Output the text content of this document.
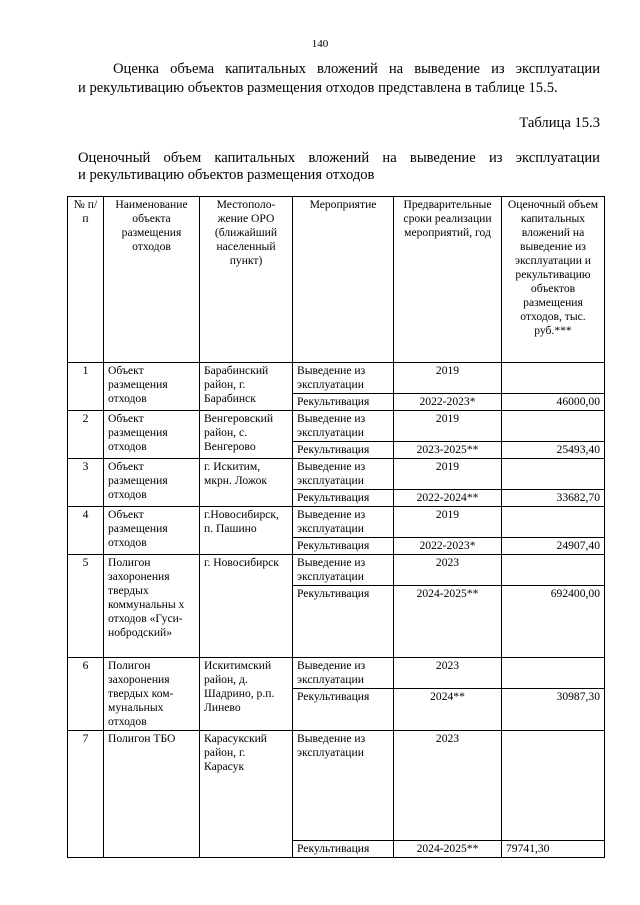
140
Оценка объема капитальных вложений на выведение из эксплуатации
и рекультивацию объектов размещения отходов представлена в таблице 15.5.
Таблица 15.3
Оценочный объем капитальных вложений на выведение из эксплуатации
и рекультивацию объектов размещения отходов
№ п/п	Наименование объекта размещения отходов	Местополо-жение ОРО (ближайший населенный пункт)	Мероприятие	Предварительные сроки реализации мероприятий, год	Оценочный объем капитальных вложений на выведение из эксплуатации и рекультивацию объектов размещения отходов, тыс. руб.***
1	Объект размещения отходов	Барабинский район, г. Барабинск	Выведение из эксплуатации	2019	
			Рекультивация	2022-2023*	46000,00
2	Объект размещения отходов	Венгеровский район, с. Венгерово	Выведение из эксплуатации	2019	
			Рекультивация	2023-2025**	25493,40
3	Объект размещения отходов	г. Искитим, мкрн. Ложок	Выведение из эксплуатации	2019	
			Рекультивация	2022-2024**	33682,70
4	Объект размещения отходов	г.Новосибирск, п. Пашино	Выведение из эксплуатации	2019	
			Рекультивация	2022-2023*	24907,40
5	Полигон захоронения твердых коммунальны х отходов «Гуси-нобродский»	г. Новосибирск	Выведение из эксплуатации	2023	
			Рекультивация	2024-2025**	692400,00
6	Полигон захоронения твердых ком-мунальных отходов	Искитимский район, д. Шадрино, р.п. Линево	Выведение из эксплуатации	2023	
			Рекультивация	2024**	30987,30
7	Полигон ТБО	Карасукский район, г. Карасук	Выведение из эксплуатации	2023	
			Рекультивация	2024-2025**	79741,30
